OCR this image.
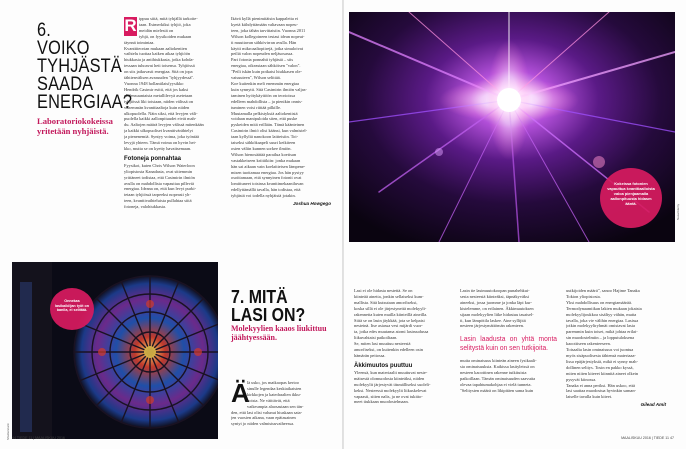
6. VOIKO
TYHJÄSTÄ
SAADA
ENERGIAA?
Laboratoriokokeissa yritetään nyhjäistä.
R ippuu siitä, mitä tyhjällä tarkoite-
taan. Esimerkiksi tyhjiö, joka
meidän mielestä on
tyhjä, on fyysikoiden mukaan
täynnä toimintaa.
Kvanttiteorian mukaan aaltokentien
vaihtelu tuottaa kaiken aikaa tyhjiöön
hiukkasia ja antihiukkasia, jotka kohda-
tessaan tuhoavat heti toisensa. Tyhjiössä
on siis jatkuvasti energiaa. Sitä on jopa
tähtienvälisen avaruuden "tyhjyydessä".
Vuonna 1948 hollantilaisfyysikko
Hendrik Casimir esitti, että jos kaksi
yhdensuuntaista metallilevyä asetetaan
tyhjiössä liki toisiaan, niiden välissä on
vähemmän kvanttiaaltoja kuin niiden
ulkopuolella. Näin siksi, että levyjen väli-
puolella kaikki aallonpituudet eivät mah-
du. Aaltojen määrä levyjen välissä mitenkään
ja kaikki ulkopuoliset kvanttivärähtelyt
ja pienenemiä. Syntyy voima, joka työntää
levyjä yhteen. Tämä voima on hyvin hei-
kko, mutta se on kyetty havaitsemaan.
Fotoneja ponnahtaa
Fyysikot, kuten Chris Wilson Waterloon
yliopistosta Kanadasta, ovat sittemmin
yrittäneet todistaa, että Casimirin ilmiön
avulla on mahdollista vapauttaa pilleviä
energiaa. Ideana on, että kun levyt purki-
tetaan tyhjiössä tarpeeksi nopeasti yh-
teen, kvanttivaihteluista pullahtaa siitä
fotoneja, valohiukkasia.
Ikävä kyllä pienimitäisin kappaleita ei
kyetä kiihdyttämään valtavaan nopeu-
teen, joka tähän tarvittaisiin. Vuonna 2011
Wilson kollegoineen testasi idean nopeut-
ti muuttavan sähkövirran avulla. Hän
käytti mikroaaltopiirejä, jotka simuloivat
peiliä valon nopeuden neljäsosassa.
Pari fotonia ponnahti tyhjästä – siis
energiaa, oikeastaan sähköisen "valon".
"Peili iskän kuin potkaisi hiukkasen ole-
vaisuuteen", Wilson selittää.
Koe kuitenkin meli enemmän energiaa
kuin synnytti. Sitä Casimirin ilmiön valjas-
taminen hyötykäyttöön on teorioissa
edelleen mahdollista – ja pienikin onnis-
tuminen voisi riittää pilkille.
Muutamalla pelkistyksiä aaltokentistä
voidaan manipuloida siten, että puske
pyskeiden mitä erillään. Tämä käänteinen
Casimirin ilmiö olisi käänsi, kun valmistel-
taan kyllyliä nanokoon laitteisiin. Toi-
taiseksi sähkökaapeli suuri keikiteen
osien väliin kunnen sorkee ilmiön.
Wilson hienosäätää parailua koetisan
vastakkeiseen kriitiikiin: jonka mukaan
hän sai aikaan vain koelaitteisen lämpene-
misen tuottamaa energiaa. Jos hän pystyy
osoittamaan, että synnyinen fotonit ovat
lomittuneet toisinsa kvanttimekaaniluvan
edellyttämällä tavalla, hän todistaa, että
tyhjästä voi todella nyhjäistä jotakin.
Joshua Howgego
Kokeissa fotonien vapauttua kvanttiaalloista valoa pienjaamalla aallonpituusta hidasm ääntä.
Nasa/Alamy
Onnekas lasikaikiljan työt on banila, ei selittää.
Shutterstock
7. MITÄ
LASI ON?
Molekyylien kaaos liukittuu jäähtyessään.
Ä
lä usko, jos matkaopas kertoo
sinulle legendaa keskiaikaisten
kirkkojen ja katedraalien ikku-
noista. Ne väittävät, että
vaikeumpia alaosastaan sen tän-
den, että lasi olisi valunut hiuskaan sata-
jen vuosien aikana, vaan epätasainen
syntyi jo niiden valmistusvaiheessa.
Lasi ei ole hidasta nestettä. Se on
kiinteää ainetta, jonkin sellaiseksi kum-
mallista. Sitä kutsutaan amorfiseksi,
koska sillä ei ole järjestyneitä molekyyli-
rakennetta kuten muilla kiinteillä aineilla.
Siitä se on lasin jäykkää, jota se kelpaisi
nesteinä. Itse asiassa vesi mijärdi vuor-
ta, jotka edes muutama atomi lasiruudussa
liikuvahtaisi paikoiltaan.
Se, miten lasi muuttuu nesteestä
amorfiseksi, on kuitenkin edelleen osin
hämärän peitossa.
Äkkimuutos puuttuu
Yleensä, kun materiaalit muuttuvat neste-
mäisestä olomuodosta kiinteäksi, niiden
molekyylit järjestyvät täsmälliseksi suoleli-
keksi. Nesteessä molekyylit liikuskelevat
vapaasti, sitten nalis, ja ne ovat tukitto-
meet tiukkaan muodostelmaan.
Lasin tie lasimuutokoopan punahehkui-
sesta nesteestä kiinteäksi, täpnäkyväksi
aineeksi, jossa juomme ja jonka läpi kur-
kistelemme, on erilainen. Äkkimuutoksen
sijaan molekyylien liike hidastuu tasaisel-
ti, kun lämpötila laskee. Aine syllijitä
nesteen järjestymättömän rakenteen.
Lasin laadusta on yhtä monta selitystä kuin on sen tutkijoita.
mutta ominaisuus kiinteän aineen fysikaali-
sia ominaisuuksia. Kaikissa lasityleissä on
nesteen kaoottinen rakenne tutkituista
paikoillaan. Tämän ominaisuuden saavutta
olevaa tapahtumakohjaa ei vielä tunneta.
"Selitysten määrä on likipitäen sama kuin
uutkijoiden määrä", sanoo Hajime Tanaka
Tokion yliopistosta.
Yksi mahdollisuus on energiamäärää.
Termodynaamiikan lakien mukaan jokaista
molekyylijoukkoa sisältyy vähän, mutta
tavalla, joka vie välihin energiaa. Lasissa
jotkin molekyyliryhmät omistavat lasia
paremmin kuin toiset, mikä johtaa erilai-
sin muodostelmiin – ja lopputuloksena
kaoottiseen rakenteeseen.
Toisaalta lasin ominaisuus voi juontua
myös sisäpuolisesta tähtensä materiaaa-
lissa epäjärjestyksiä, mikä ei synny mah-
dollinen selitys. Tosin en pakko kyssä,
miten niiten kiteeet kiinnitä aineet olkein
pysyvät kiinossa.
Tanaka ei anna periksi. Hän uskoo, että
lasi saattaa muodostua hyvinkin saman-
laiselle tavalla kuin kiteet.
Gilead Amit
44 TIEDE 11 | MAALISKUU 2016	MAALISKUU 2016 | TIEDE 11 47
